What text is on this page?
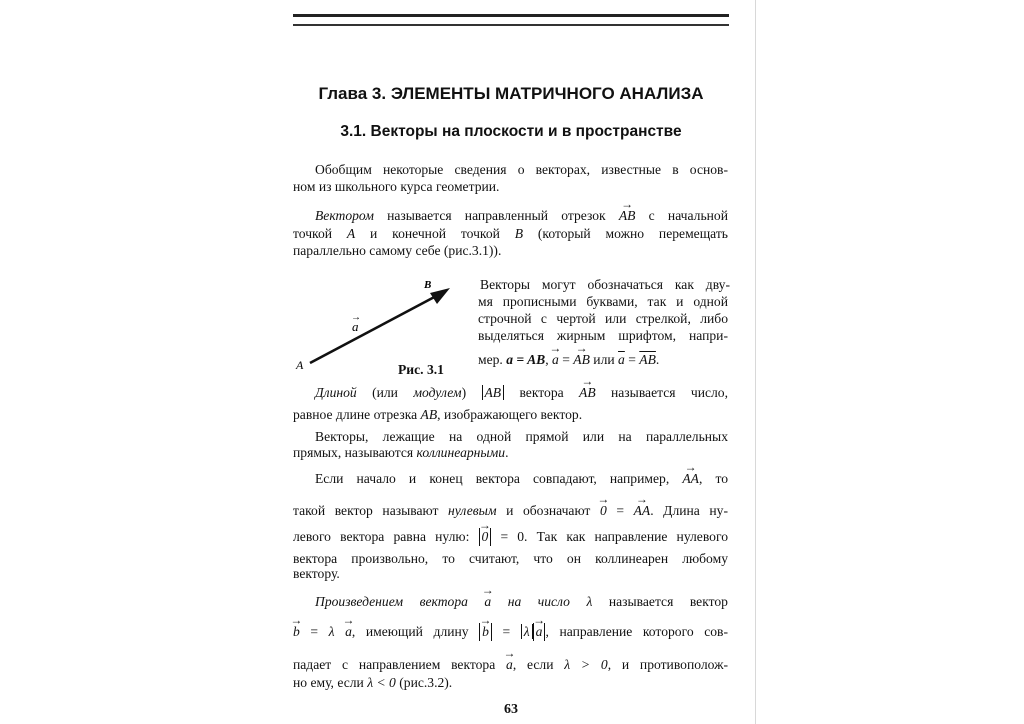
Глава 3. ЭЛЕМЕНТЫ МАТРИЧНОГО АНАЛИЗА
3.1. Векторы на плоскости и в пространстве
Обобщим некоторые сведения о векторах, известные в основ-
ном из школьного курса геометрии.
Вектором называется направленный отрезок → AB с начальной
точкой A и конечной точкой B (который можно перемещать
параллельно самому себе (рис.3.1)).
Векторы могут обозначаться как дву-
мя прописными буквами, так и одной
строчной с чертой или стрелкой, либо
выделяться жирным шрифтом, напри-
мер. a = AB, → a = → AB или $\overline{a} = \overline{AB}$.
Длиной (или модулем) AB вектора → AB называется число,
равное длине отрезка AB, изображающего вектор.
Векторы, лежащие на одной прямой или на параллельных
прямых, называются коллинеарными.
Если начало и конец вектора совпадают, например, → AA, то
такой вектор называют нулевым и обозначают → 0 = → AA. Длина ну-
левого вектора равна нулю: → 0 = 0. Так как направление нулевого
вектора произвольно, то считают, что он коллинеарен любому
вектору.
Произведением вектора → a на число λ называется вектор
→ b = λ → a, имеющий длину → b = λ → a , направление которого сов-
падает с направлением вектора → a, если λ > 0, и противополож-
но ему, если λ < 0 (рис.3.2).
A
B
a
→
Рис. 3.1
63
